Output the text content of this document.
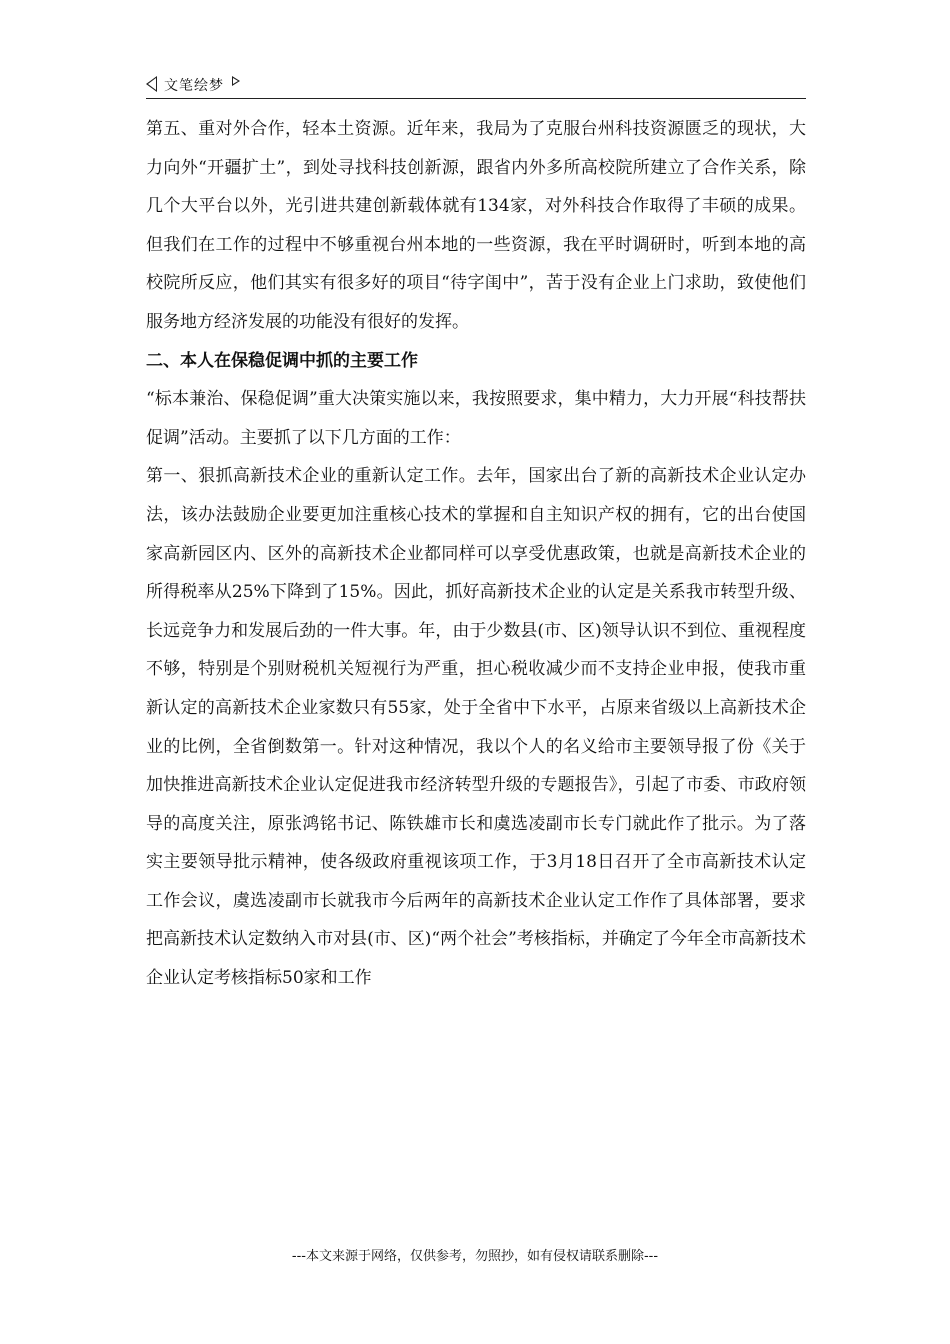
文笔绘梦

第五、重对外合作，轻本土资源。近年来，我局为了克服台州科技资源匮乏的现状，大力向外“开疆扩土”，到处寻找科技创新源，跟省内外多所高校院所建立了合作关系，除几个大平台以外，光引进共建创新载体就有134家，对外科技合作取得了丰硕的成果。但我们在工作的过程中不够重视台州本地的一些资源，我在平时调研时，听到本地的高校院所反应，他们其实有很多好的项目“待字闺中”，苦于没有企业上门求助，致使他们服务地方经济发展的功能没有很好的发挥。

二、本人在保稳促调中抓的主要工作

“标本兼治、保稳促调”重大决策实施以来，我按照要求，集中精力，大力开展“科技帮扶促调”活动。主要抓了以下几方面的工作：

第一、狠抓高新技术企业的重新认定工作。去年，国家出台了新的高新技术企业认定办法，该办法鼓励企业要更加注重核心技术的掌握和自主知识产权的拥有，它的出台使国家高新园区内、区外的高新技术企业都同样可以享受优惠政策，也就是高新技术企业的所得税率从25%下降到了15%。因此，抓好高新技术企业的认定是关系我市转型升级、长远竞争力和发展后劲的一件大事。年，由于少数县(市、区)领导认识不到位、重视程度不够，特别是个别财税机关短视行为严重，担心税收减少而不支持企业申报，使我市重新认定的高新技术企业家数只有55家，处于全省中下水平，占原来省级以上高新技术企业的比例，全省倒数第一。针对这种情况，我以个人的名义给市主要领导报了份《关于加快推进高新技术企业认定促进我市经济转型升级的专题报告》，引起了市委、市政府领导的高度关注，原张鸿铭书记、陈铁雄市长和虞选凌副市长专门就此作了批示。为了落实主要领导批示精神，使各级政府重视该项工作，于3月18日召开了全市高新技术认定工作会议，虞选凌副市长就我市今后两年的高新技术企业认定工作作了具体部署，要求把高新技术认定数纳入市对县(市、区)“两个社会”考核指标，并确定了今年全市高新技术企业认定考核指标50家和工作

---本文来源于网络，仅供参考，勿照抄，如有侵权请联系删除---
